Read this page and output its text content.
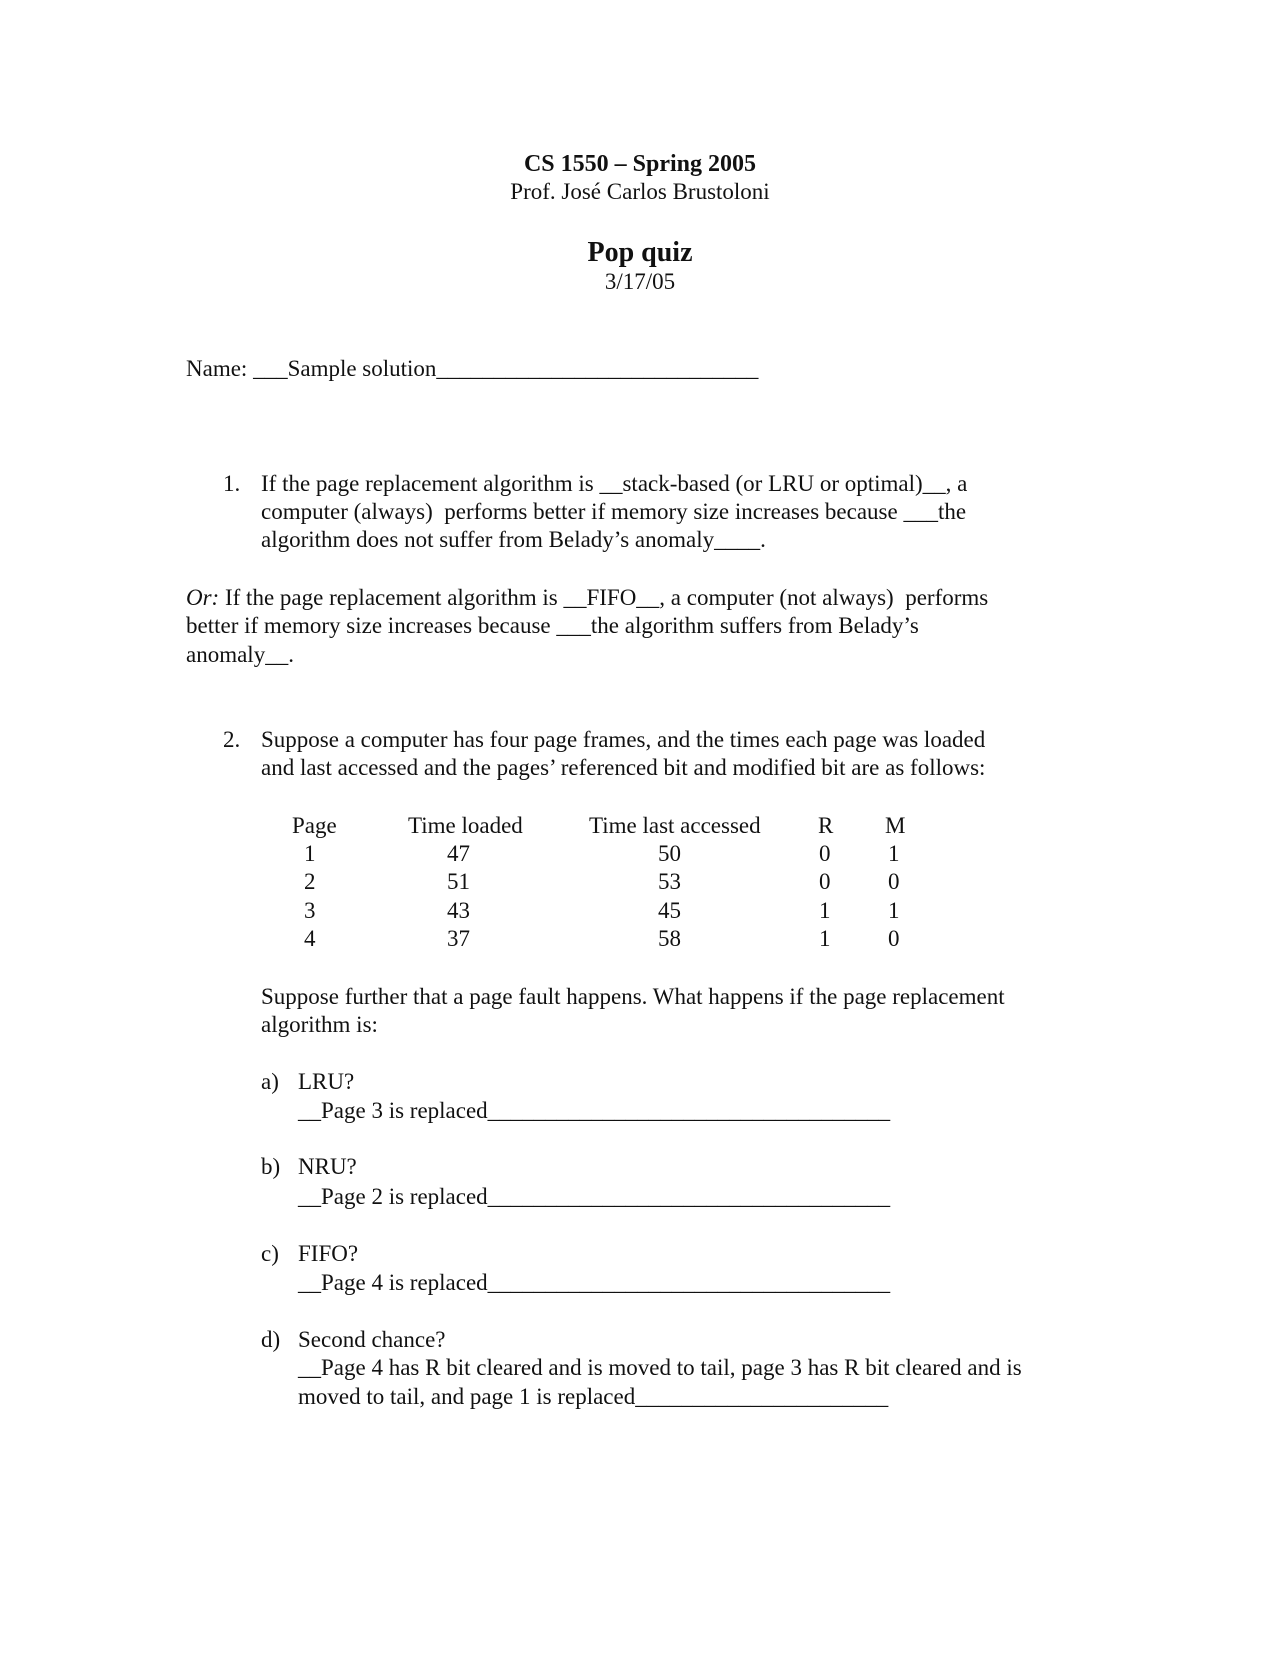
CS 1550 – Spring 2005
Prof. José Carlos Brustoloni
Pop quiz
3/17/05
Name: ___Sample solution____________________________
1. If the page replacement algorithm is __stack-based (or LRU or optimal)__, a
computer (always)  performs better if memory size increases because ___the
algorithm does not suffer from Belady’s anomaly____.
Or: If the page replacement algorithm is __FIFO__, a computer (not always)  performs
better if memory size increases because ___the algorithm suffers from Belady’s
anomaly__.
2. Suppose a computer has four page frames, and the times each page was loaded
and last accessed and the pages’ referenced bit and modified bit are as follows:
Page	Time loaded	Time last accessed R M
1	47	50	0	1
2	51	53	0	0
3	43	45	1	1
4	37	58	1	0
Suppose further that a page fault happens. What happens if the page replacement
algorithm is:
a) LRU?
__Page 3 is replaced___________________________________
b) NRU?
__Page 2 is replaced___________________________________
c) FIFO?
__Page 4 is replaced___________________________________
d) Second chance?
__Page 4 has R bit cleared and is moved to tail, page 3 has R bit cleared and is
moved to tail, and page 1 is replaced______________________
